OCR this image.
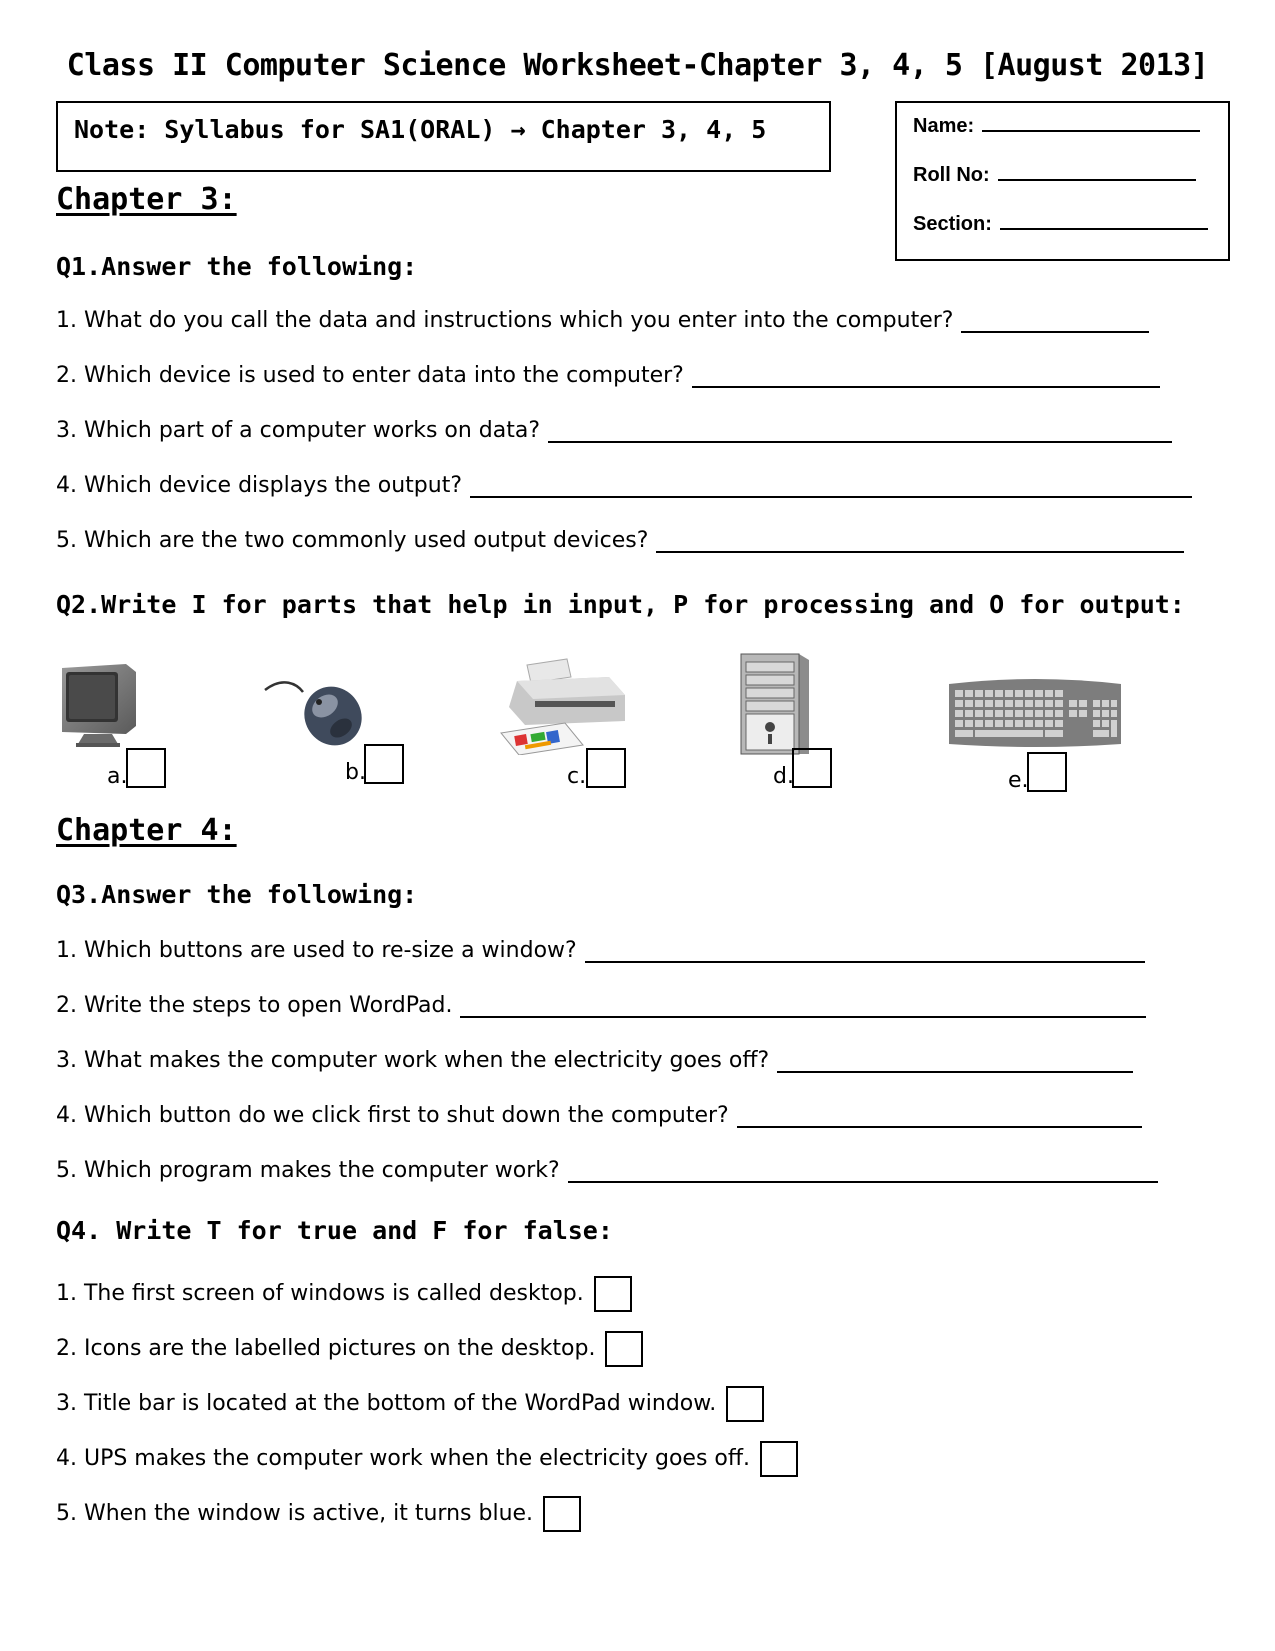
Class II Computer Science Worksheet-Chapter 3, 4, 5 [August 2013]
Note: Syllabus for SA1(ORAL) → Chapter 3, 4, 5	Name:
Roll No:
Section:
Chapter 3:
Q1.Answer the following:
1. What do you call the data and instructions which you enter into the computer?
2. Which device is used to enter data into the computer?
3. Which part of a computer works on data?
4. Which device displays the output?
5. Which are the two commonly used output devices?
Q2.Write I for parts that help in input, P for processing and O for output:
a.	b.	c.	d.	e.
Chapter 4:
Q3.Answer the following:
1. Which buttons are used to re-size a window?
2. Write the steps to open WordPad.
3. What makes the computer work when the electricity goes off?
4. Which button do we click first to shut down the computer?
5. Which program makes the computer work?
Q4. Write T for true and F for false:
1. The first screen of windows is called desktop.
2. Icons are the labelled pictures on the desktop.
3. Title bar is located at the bottom of the WordPad window.
4. UPS makes the computer work when the electricity goes off.
5. When the window is active, it turns blue.
